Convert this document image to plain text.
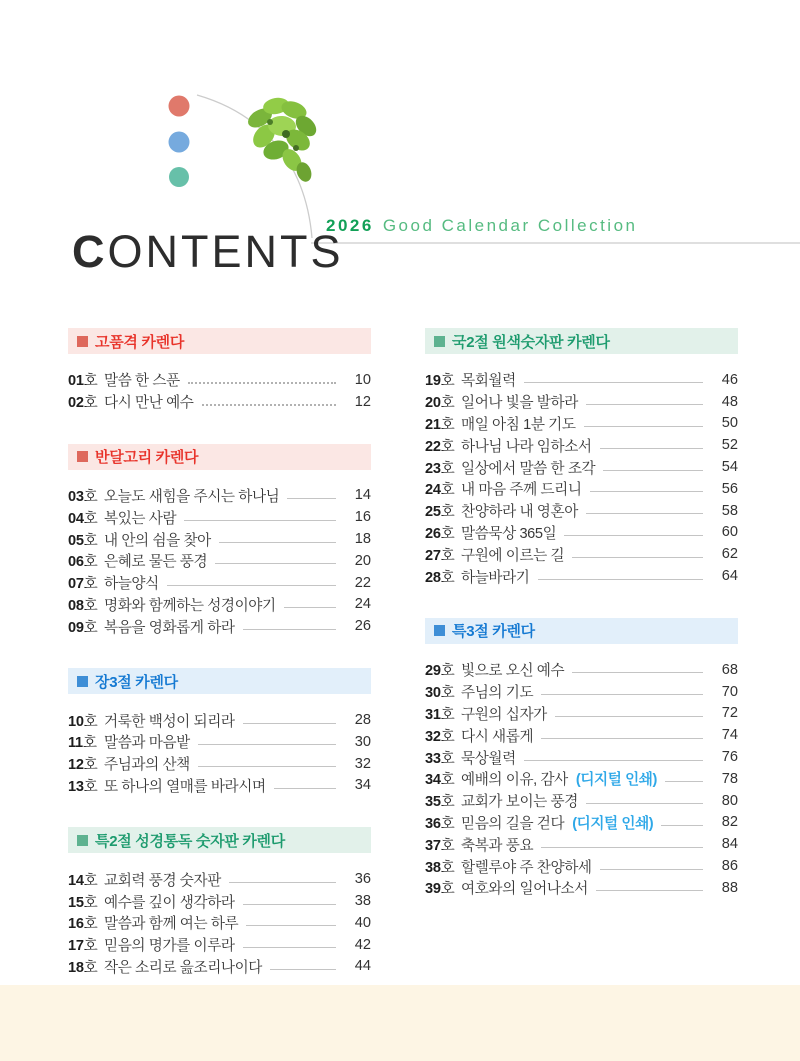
CONTENTS
2026 Good Calendar Collection
고품격 카렌다
01호 말씀 한 스푼	10
02호 다시 만난 예수	12
반달고리 카렌다
03호 오늘도 새힘을 주시는 하나님	14
04호 복있는 사람	16
05호 내 안의 쉼을 찾아	18
06호 은혜로 물든 풍경	20
07호 하늘양식	22
08호 명화와 함께하는 성경이야기	24
09호 복음을 영화롭게 하라	26
장3절 카렌다
10호 거룩한 백성이 되리라	28
11호 말씀과 마음밭	30
12호 주님과의 산책	32
13호 또 하나의 열매를 바라시며	34
특2절 성경통독 숫자판 카렌다
14호 교회력 풍경 숫자판	36
15호 예수를 깊이 생각하라	38
16호 말씀과 함께 여는 하루	40
17호 믿음의 명가를 이루라	42
18호 작은 소리로 읊조리나이다	44
국2절 원색숫자판 카렌다
19호 목회월력	46
20호 일어나 빛을 발하라	48
21호 매일 아침 1분 기도	50
22호 하나님 나라 임하소서	52
23호 일상에서 말씀 한 조각	54
24호 내 마음 주께 드리니	56
25호 찬양하라 내 영혼아	58
26호 말씀묵상 365일	60
27호 구원에 이르는 길	62
28호 하늘바라기	64
특3절 카렌다
29호 빛으로 오신 예수	68
30호 주님의 기도	70
31호 구원의 십자가	72
32호 다시 새롭게	74
33호 묵상월력	76
34호 예배의 이유, 감사 (디지털 인쇄)	78
35호 교회가 보이는 풍경	80
36호 믿음의 길을 걷다 (디지털 인쇄)	82
37호 축복과 풍요	84
38호 할렐루야 주 찬양하세	86
39호 여호와의 일어나소서	88
